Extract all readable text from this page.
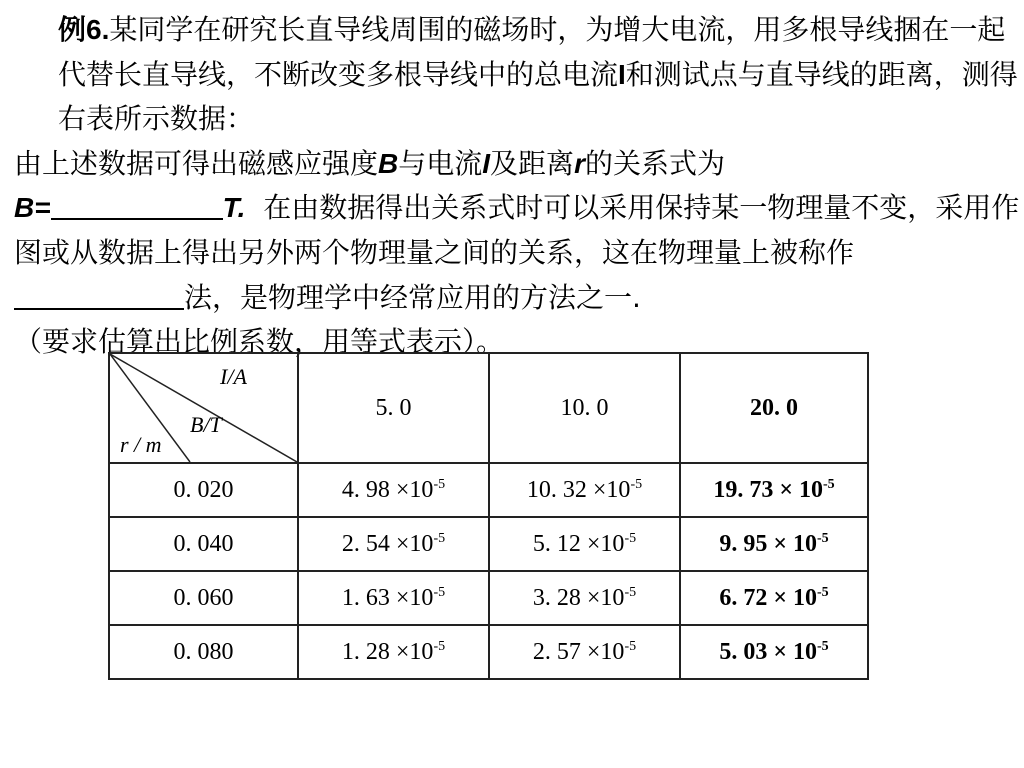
例6.某同学在研究长直导线周围的磁场时，为增大电流，用多根导线捆在一起代替长直导线，不断改变多根导线中的总电流I和测试点与直导线的距离，测得右表所示数据：
由上述数据可得出磁感应强度B与电流I及距离r的关系式为
B=	T. 在由数据得出关系式时可以采用保持某一物理量不变，采用作图或从数据上得出另外两个物理量之间的关系，这在物理量上被称作法，是物理学中经常应用的方法之一.
（要求估算出比例系数，用等式表示）。
I/A
B/T
r / m	5. 0	10. 0	20. 0
0. 020	4. $98 \times 10^{-5}$	10. $32 \times 10^{-5}$	19. $73 \times 10^{-5}$
0. 040	2. $54 \times 10^{-5}$	5. $12 \times 10^{-5}$	9. $95 \times 10^{-5}$
0. 060	1. $63 \times 10^{-5}$	3. $28 \times 10^{-5}$	6. $72 \times 10^{-5}$
0. 080	1. $28 \times 10^{-5}$	2. $57 \times 10^{-5}$	5. $03 \times 10^{-5}$
